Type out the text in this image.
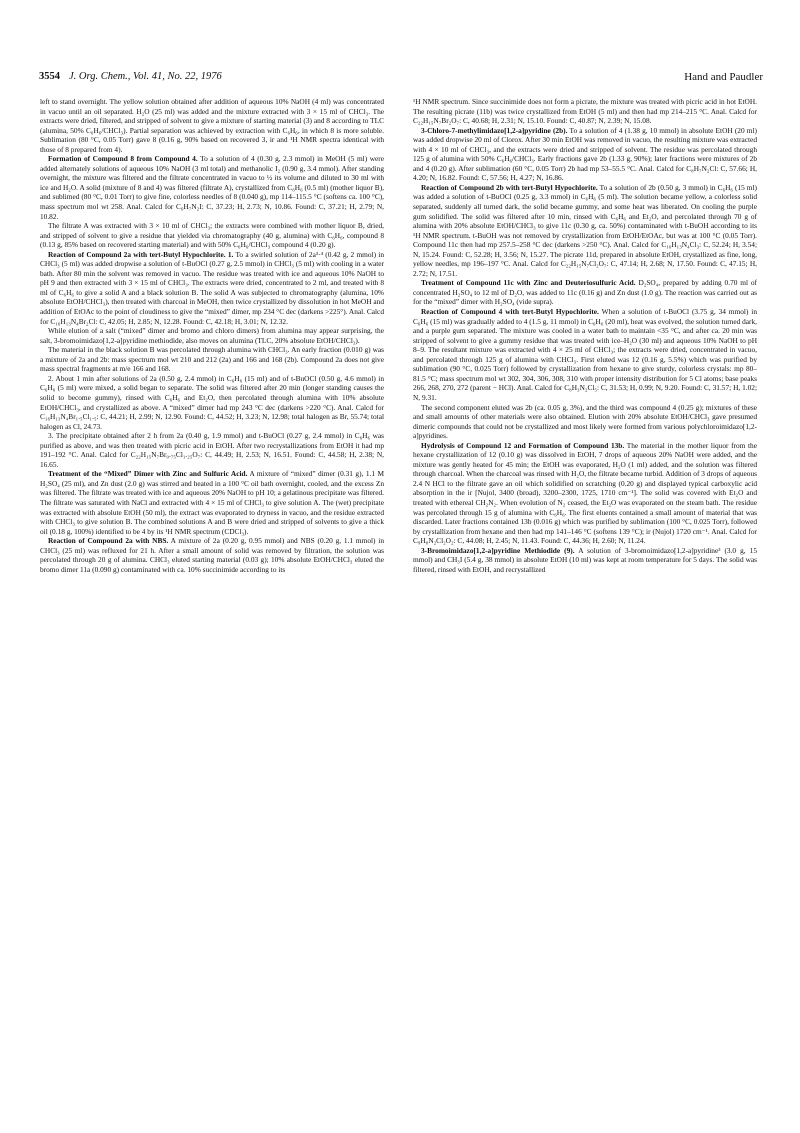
3554 J. Org. Chem., Vol. 41, No. 22, 1976	Hand and Paudler

left to stand overnight. The yellow solution obtained after addition of aqueous 10% NaOH (4 ml) was concentrated in vacuo until an oil separated. H₂O (25 ml) was added and the mixture extracted with 3 × 15 ml of CHCl₃. The extracts were dried, filtered, and stripped of solvent to give a mixture of starting material (3) and 8 according to TLC (alumina, 50% C₆H₆/CHCl₃). Partial separation was achieved by extraction with C₆H₆, in which 8 is more soluble. Sublimation (80 °C, 0.05 Torr) gave 8 (0.16 g, 90% based on recovered 3, ir and ¹H NMR spectra identical with those of 8 prepared from 4).

Formation of Compound 8 from Compound 4. To a solution of 4 (0.30 g, 2.3 mmol) in MeOH (5 ml) were added alternately solutions of aqueous 10% NaOH (3 ml total) and methanolic I₂ (0.90 g, 3.4 mmol). After standing overnight, the mixture was filtered and the filtrate concentrated in vacuo to ½ its volume and diluted to 30 ml with ice and H₂O. A solid (mixture of 8 and 4) was filtered (filtrate A), crystallized from C₆H₆ (0.5 ml) (mother liquor B), and sublimed (80 °C, 0.01 Torr) to give fine, colorless needles of 8 (0.040 g), mp 114–115.5 °C (softens ca. 100 °C), mass spectrum mol wt 258. Anal. Calcd for C₆H₇N₂I: C, 37.23; H, 2.73; N, 10.86. Found: C, 37.21; H, 2.79; N, 10.82.

The filtrate A was extracted with 3 × 10 ml of CHCl₃; the extracts were combined with mother liquor B, dried, and stripped of solvent to give a residue that yielded via chromatography (40 g, alumina) with C₆H₆, compound 8 (0.13 g, 85% based on recovered starting material) and with 50% C₆H₆/CHCl₃ compound 4 (0.20 g).

Reaction of Compound 2a with tert-Butyl Hypochlorite. 1. To a swirled solution of 2a³·⁴ (0.42 g, 2 mmol) in CHCl₃ (5 ml) was added dropwise a solution of t-BuOCl (0.27 g, 2.5 mmol) in CHCl₃ (5 ml) with cooling in a water bath. After 80 min the solvent was removed in vacuo. The residue was treated with ice and aqueous 10% NaOH to pH 9 and then extracted with 3 × 15 ml of CHCl₃. The extracts were dried, concentrated to 2 ml, and treated with 8 ml of C₆H₆ to give a solid A and a black solution B. The solid A was subjected to chromatography (alumina, 10% absolute EtOH/CHCl₃), then treated with charcoal in MeOH, then twice crystallized by dissolution in hot MeOH and addition of EtOAc to the point of cloudiness to give the “mixed” dimer, mp 234 °C dec (darkens >225°). Anal. Calcd for C₁₆H₁₃N₄Br₂Cl: C, 42.05; H, 2.85; N, 12.28. Found: C, 42.18; H, 3.01; N, 12.32.

While elution of a salt (“mixed” dimer and bromo and chloro dimers) from alumina may appear surprising, the salt, 3-bromoimidazo[1,2-a]pyridine methiodide, also moves on alumina (TLC, 20% absolute EtOH/CHCl₃).

The material in the black solution B was percolated through alumina with CHCl₃. An early fraction (0.010 g) was a mixture of 2a and 2b: mass spectrum mol wt 210 and 212 (2a) and 166 and 168 (2b). Compound 2a does not give mass spectral fragments at m/e 166 and 168.

2. About 1 min after solutions of 2a (0.50 g, 2.4 mmol) in C₆H₆ (15 ml) and of t-BuOCl (0.50 g, 4.6 mmol) in C₆H₆ (5 ml) were mixed, a solid began to separate. The solid was filtered after 20 min (longer standing causes the solid to become gummy), rinsed with C₆H₆ and Et₂O, then percolated through alumina with 10% absolute EtOH/CHCl₃, and crystallized as above. A “mixed” dimer had mp 243 °C dec (darkens >220 °C). Anal. Calcd for C₁₆H₁₃N₄Br₁.₅Cl₁.₅: C, 44.21; H, 2.99; N, 12.90. Found: C, 44.52; H, 3.23; N, 12.98; total halogen as Br, 55.74; total halogen as Cl, 24.73.

3. The precipitate obtained after 2 h from 2a (0.40 g, 1.9 mmol) and t-BuOCl (0.27 g, 2.4 mmol) in C₆H₆ was purified as above, and was then treated with picric acid in EtOH. After two recrystallizations from EtOH it had mp 191–192 °C. Anal. Calcd for C₂₂H₁₅N₇Br₀.₇₅Cl₁.₂₅O₇: C, 44.49; H, 2.53; N, 16.51. Found: C, 44.58; H, 2.38; N, 16.65.

Treatment of the “Mixed” Dimer with Zinc and Sulfuric Acid. A mixture of “mixed” dimer (0.31 g), 1.1 M H₂SO₄ (25 ml), and Zn dust (2.0 g) was stirred and heated in a 100 °C oil bath overnight, cooled, and the excess Zn was filtered. The filtrate was treated with ice and aqueous 20% NaOH to pH 10; a gelatinous precipitate was filtered. The filtrate was saturated with NaCl and extracted with 4 × 15 ml of CHCl₃ to give solution A. The (wet) precipitate was extracted with absolute EtOH (50 ml), the extract was evaporated to dryness in vacuo, and the residue extracted with CHCl₃ to give solution B. The combined solutions A and B were dried and stripped of solvents to give a thick oil (0.18 g, 100%) identified to be 4 by its ¹H NMR spectrum (CDCl₃).

Reaction of Compound 2a with NBS. A mixture of 2a (0.20 g, 0.95 mmol) and NBS (0.20 g, 1.1 mmol) in CHCl₃ (25 ml) was refluxed for 21 h. After a small amount of solid was removed by filtration, the solution was percolated through 20 g of alumina. CHCl₃ eluted starting material (0.03 g); 10% absolute EtOH/CHCl₃ eluted the bromo dimer 11a (0.090 g) contaminated with ca. 10% succinimide according to its

¹H NMR spectrum. Since succinimide does not form a picrate, the mixture was treated with picric acid in hot EtOH. The resulting picrate (11b) was twice crystallized from EtOH (5 ml) and then had mp 214–215 °C. Anal. Calcd for C₂₂H₁₅N₇Br₂O₇: C, 40.68; H, 2.31; N, 15.10. Found: C, 40.87; N, 2.39; N, 15.08.

3-Chloro-7-methylimidazo[1,2-a]pyridine (2b). To a solution of 4 (1.38 g, 10 mmol) in absolute EtOH (20 ml) was added dropwise 20 ml of Clorox. After 30 min EtOH was removed in vacuo, the resulting mixture was extracted with 4 × 10 ml of CHCl₃, and the extracts were dried and stripped of solvent. The residue was percolated through 125 g of alumina with 50% C₆H₆/CHCl₃. Early fractions gave 2b (1.33 g, 90%); later fractions were mixtures of 2b and 4 (0.20 g). After sublimation (60 °C, 0.05 Torr) 2b had mp 53–55.5 °C. Anal. Calcd for C₈H₇N₂Cl: C, 57.66; H, 4.20; N, 16.82. Found: C, 57.56; H, 4.27; N, 16.86.

Reaction of Compound 2b with tert-Butyl Hypochlorite. To a solution of 2b (0.50 g, 3 mmol) in C₆H₆ (15 ml) was added a solution of t-BuOCl (0.25 g, 3.3 mmol) in C₆H₆ (5 ml). The solution became yellow, a colorless solid separated, suddenly all turned dark, the solid became gummy, and some heat was liberated. On cooling the purple gum solidified. The solid was filtered after 10 min, rinsed with C₆H₆ and Et₂O, and percolated through 70 g of alumina with 20% absolute EtOH/CHCl₃ to give 11c (0.30 g, ca. 50%) contaminated with t-BuOH according to its ¹H NMR spectrum. t-BuOH was not removed by crystallization from EtOH/EtOAc, but was at 100 °C (0.05 Torr). Compound 11c then had mp 257.5–258 °C dec (darkens >250 °C). Anal. Calcd for C₁₆H₁₃N₄Cl₃: C, 52.24; H, 3.54; N, 15.24. Found: C, 52.28; H, 3.56; N, 15.27. The picrate 11d, prepared in absolute EtOH, crystallized as fine, long, yellow needles, mp 196–197 °C. Anal. Calcd for C₂₂H₁₅N₇Cl₂O₇: C, 47.14; H, 2.68; N, 17.50. Found: C, 47.15; H, 2.72; N, 17.51.

Treatment of Compound 11c with Zinc and Deuteriosulfuric Acid. D₂SO₄, prepared by adding 0.70 ml of concentrated H₂SO₄ to 12 ml of D₂O, was added to 11c (0.16 g) and Zn dust (1.0 g). The reaction was carried out as for the “mixed” dimer with H₂SO₄ (vide supra).

Reaction of Compound 4 with tert-Butyl Hypochlorite. When a solution of t-BuOCl (3.75 g, 34 mmol) in C₆H₆ (15 ml) was gradually added to 4 (1.5 g, 11 mmol) in C₆H₆ (20 ml), heat was evolved, the solution turned dark, and a purple gum separated. The mixture was cooled in a water bath to maintain <35 °C, and after ca. 20 min was stripped of solvent to give a gummy residue that was treated with ice–H₂O (30 ml) and aqueous 10% NaOH to pH 8–9. The resultant mixture was extracted with 4 × 25 ml of CHCl₃; the extracts were dried, concentrated in vacuo, and percolated through 125 g of alumina with CHCl₃. First eluted was 12 (0.16 g, 5.5%) which was purified by sublimation (90 °C, 0.025 Torr) followed by crystallization from hexane to give sturdy, colorless crystals: mp 80–81.5 °C; mass spectrum mol wt 302, 304, 306, 308, 310 with proper intensity distribution for 5 Cl atoms; base peaks 266, 268, 270, 272 (parent − HCl). Anal. Calcd for C₈H₃N₂Cl₅: C, 31.53; H, 0.99; N, 9.20. Found: C, 31.57; H, 1.02; N, 9.31.

The second component eluted was 2b (ca. 0.05 g, 3%), and the third was compound 4 (0.25 g); mixtures of these and small amounts of other materials were also obtained. Elution with 20% absolute EtOH/CHCl₃ gave presumed dimeric compounds that could not be crystallized and most likely were formed from various polychloroimidazo[1,2-a]pyridines.

Hydrolysis of Compound 12 and Formation of Compound 13b. The material in the mother liquor from the hexane crystallization of 12 (0.10 g) was dissolved in EtOH, 7 drops of aqueous 20% NaOH were added, and the mixture was gently heated for 45 min; the EtOH was evaporated, H₂O (1 ml) added, and the solution was filtered through charcoal. When the charcoal was rinsed with H₂O, the filtrate became turbid. Addition of 3 drops of aqueous 2.4 N HCl to the filtrate gave an oil which solidified on scratching (0.20 g) and displayed typical carboxylic acid absorption in the ir [Nujol, 3400 (broad), 3200–2300, 1725, 1710 cm⁻¹]. The solid was covered with Et₂O and treated with ethereal CH₂N₂. When evolution of N₂ ceased, the Et₂O was evaporated on the steam bath. The residue was percolated through 15 g of alumina with C₆H₆. The first eluents contained a small amount of material that was discarded. Later fractions contained 13b (0.016 g) which was purified by sublimation (100 °C, 0.025 Torr), followed by crystallization from hexane and then had mp 141–146 °C (softens 139 °C); ir (Nujol) 1720 cm⁻¹. Anal. Calcd for C₉H₈N₂Cl₂O₂: C, 44.08; H, 2.45; N, 11.43. Found: C, 44.36; H, 2.60; N, 11.24.

3-Bromoimidazo[1,2-a]pyridine Methiodide (9). A solution of 3-bromoimidazo[1,2-a]pyridine³ (3.0 g, 15 mmol) and CH₃I (5.4 g, 38 mmol) in absolute EtOH (10 ml) was kept at room temperature for 5 days. The solid was filtered, rinsed with EtOH, and recrystallized
